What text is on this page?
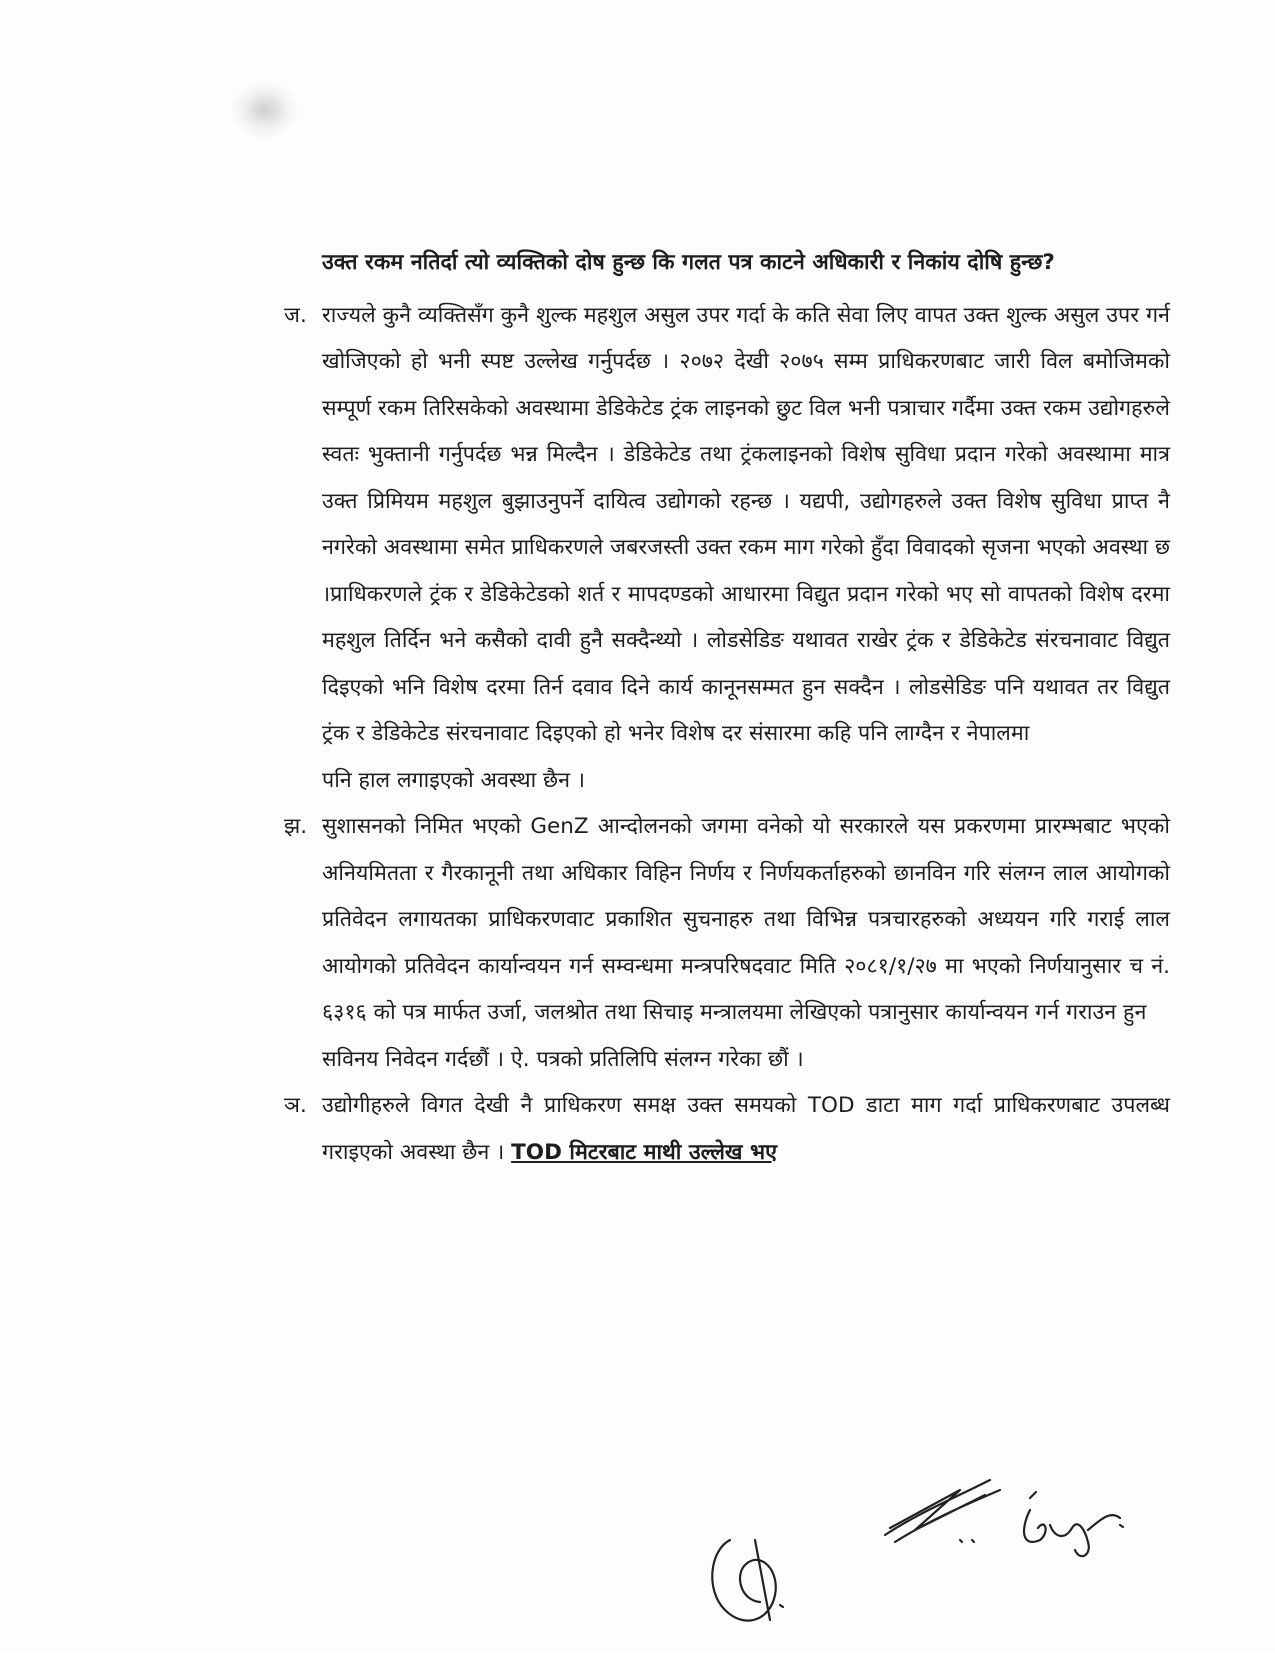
उक्त रकम नतिर्दा त्यो व्यक्तिको दोष हुन्छ कि गलत पत्र काटने अधिकारी र निकांय दोषि हुन्छ?

ज. राज्यले कुनै व्यक्तिसँग कुनै शुल्क महशुल असुल उपर गर्दा के कति सेवा लिए वापत उक्त शुल्क असुल उपर गर्न खोजिएको हो भनी स्पष्ट उल्लेख गर्नुपर्दछ । २०७२ देखी २०७५ सम्म प्राधिकरणबाट जारी विल बमोजिमको सम्पूर्ण रकम तिरिसकेको अवस्थामा डेडिकेटेड ट्रंक लाइनको छुट विल भनी पत्राचार गर्दैमा उक्त रकम उद्योगहरुले स्वतः भुक्तानी गर्नुपर्दछ भन्न मिल्दैन । डेडिकेटेड तथा ट्रंकलाइनको विशेष सुविधा प्रदान गरेको अवस्थामा मात्र उक्त प्रिमियम महशुल बुझाउनुपर्ने दायित्व उद्योगको रहन्छ । यद्यपी, उद्योगहरुले उक्त विशेष सुविधा प्राप्त नै नगरेको अवस्थामा समेत प्राधिकरणले जबरजस्ती उक्त रकम माग गरेको हुँदा विवादको सृजना भएको अवस्था छ ।प्राधिकरणले ट्रंक र डेडिकेटेडको शर्त र मापदण्डको आधारमा विद्युत प्रदान गरेको भए सो वापतको विशेष दरमा महशुल तिर्दिन भने कसैको दावी हुनै सक्दैन्थ्यो । लोडसेडिङ यथावत राखेर ट्रंक र डेडिकेटेड संरचनावाट विद्युत दिइएको भनि विशेष दरमा तिर्न दवाव दिने कार्य कानूनसम्मत हुन सक्दैन । लोडसेडिङ पनि यथावत तर विद्युत ट्रंक र डेडिकेटेड संरचनावाट दिइएको हो भनेर विशेष दर संसारमा कहि पनि लाग्दैन र नेपालमा
पनि हाल लगाइएको अवस्था छैन ।
झ. सुशासनको निमित भएको GenZ आन्दोलनको जगमा वनेको यो सरकारले यस प्रकरणमा प्रारम्भबाट भएको अनियमितता र गैरकानूनी तथा अधिकार विहिन निर्णय र निर्णयकर्ताहरुको छानविन गरि संलग्न लाल आयोगको प्रतिवेदन लगायतका प्राधिकरणवाट प्रकाशित सुचनाहरु तथा विभिन्न पत्रचारहरुको अध्ययन गरि गराई लाल आयोगको प्रतिवेदन कार्यान्वयन गर्न सम्वन्धमा मन्त्रपरिषदवाट मिति २०८१/१/२७ मा भएको निर्णयानुसार च नं. ६३१६ को पत्र मार्फत उर्जा, जलश्रोत तथा सिचाइ मन्त्रालयमा लेखिएको पत्रानुसार कार्यान्वयन गर्न गराउन हुन
सविनय निवेदन गर्दछौं । ऐ. पत्रको प्रतिलिपि संलग्न गरेका छौं ।
ञ. उद्योगीहरुले विगत देखी नै प्राधिकरण समक्ष उक्त समयको TOD डाटा माग गर्दा प्राधिकरणबाट उपलब्ध गराइएको अवस्था छैन । TOD मिटरबाट माथी उल्लेख भए
